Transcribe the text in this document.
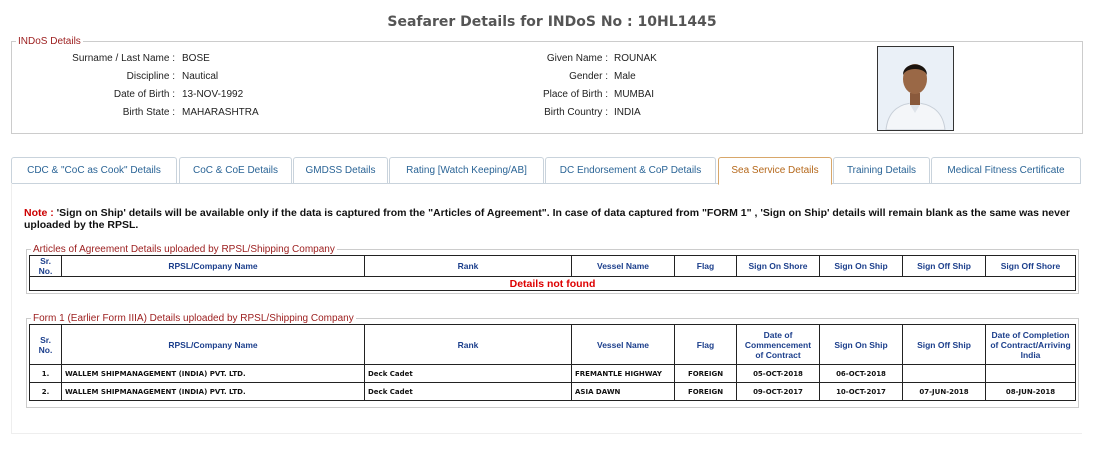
Seafarer Details for INDoS No : 10HL1445
INDoS Details
Surname / Last Name : BOSE	Given Name : ROUNAK
Discipline : Nautical	Gender : Male
Date of Birth : 13-NOV-1992	Place of Birth : MUMBAI
Birth State : MAHARASHTRA	Birth Country : INDIA
CDC & "CoC as Cook" Details	CoC & CoE Details	GMDSS Details	Rating [Watch Keeping/AB]	DC Endorsement & CoP Details	Sea Service Details	Training Details	Medical Fitness Certificate
Note : 'Sign on Ship' details will be available only if the data is captured from the "Articles of Agreement". In case of data captured from "FORM 1" , 'Sign on Ship' details will remain blank as the same was never uploaded by the RPSL.
Articles of Agreement Details uploaded by RPSL/Shipping Company
Sr. No.	RPSL/Company Name	Rank	Vessel Name	Flag	Sign On Shore	Sign On Ship	Sign Off Ship	Sign Off Shore
Details not found
Form 1 (Earlier Form IIIA) Details uploaded by RPSL/Shipping Company
Sr. No.	RPSL/Company Name	Rank	Vessel Name	Flag	Date of Commencement of Contract	Sign On Ship	Sign Off Ship	Date of Completion of Contract/Arriving India
1.	WALLEM SHIPMANAGEMENT (INDIA) PVT. LTD.	Deck Cadet	FREMANTLE HIGHWAY	FOREIGN	05-OCT-2018	06-OCT-2018		
2.	WALLEM SHIPMANAGEMENT (INDIA) PVT. LTD.	Deck Cadet	ASIA DAWN	FOREIGN	09-OCT-2017	10-OCT-2017	07-JUN-2018	08-JUN-2018
